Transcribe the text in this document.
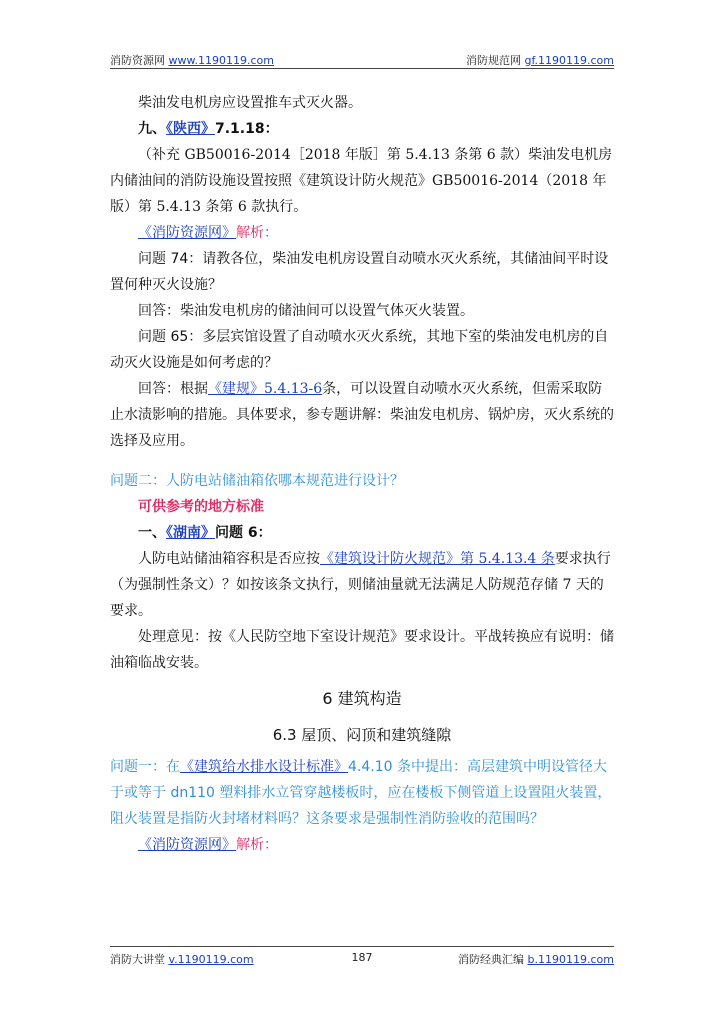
消防资源网 www.1190119.com	消防规范网 gf.1190119.com

柴油发电机房应设置推车式灭火器。

九、《陕西》7.1.18：

（补充 GB50016-2014［2018 年版］第 5.4.13 条第 6 款）柴油发电机房内储油间的消防设施设置按照《建筑设计防火规范》GB50016-2014（2018 年版）第 5.4.13 条第 6 款执行。

《消防资源网》解析：

问题 74：请教各位，柴油发电机房设置自动喷水灭火系统，其储油间平时设置何种灭火设施？

回答：柴油发电机房的储油间可以设置气体灭火装置。

问题 65：多层宾馆设置了自动喷水灭火系统，其地下室的柴油发电机房的自动灭火设施是如何考虑的？

回答：根据《建规》5.4.13-6条，可以设置自动喷水灭火系统，但需采取防止水渍影响的措施。具体要求，参专题讲解：柴油发电机房、锅炉房，灭火系统的选择及应用。

问题二：人防电站储油箱依哪本规范进行设计？

可供参考的地方标准

一、《湖南》问题 6：

人防电站储油箱容积是否应按《建筑设计防火规范》第 5.4.13.4 条要求执行（为强制性条文）？如按该条文执行，则储油量就无法满足人防规范存储 7 天的要求。

处理意见：按《人民防空地下室设计规范》要求设计。平战转换应有说明：储油箱临战安装。

6 建筑构造
6.3 屋顶、闷顶和建筑缝隙

问题一：在《建筑给水排水设计标准》4.4.10 条中提出：高层建筑中明设管径大于或等于 dn110 塑料排水立管穿越楼板时，应在楼板下侧管道上设置阻火装置，阻火装置是指防火封堵材料吗？这条要求是强制性消防验收的范围吗？

《消防资源网》解析：

消防大讲堂 v.1190119.com	187	消防经典汇编 b.1190119.com
